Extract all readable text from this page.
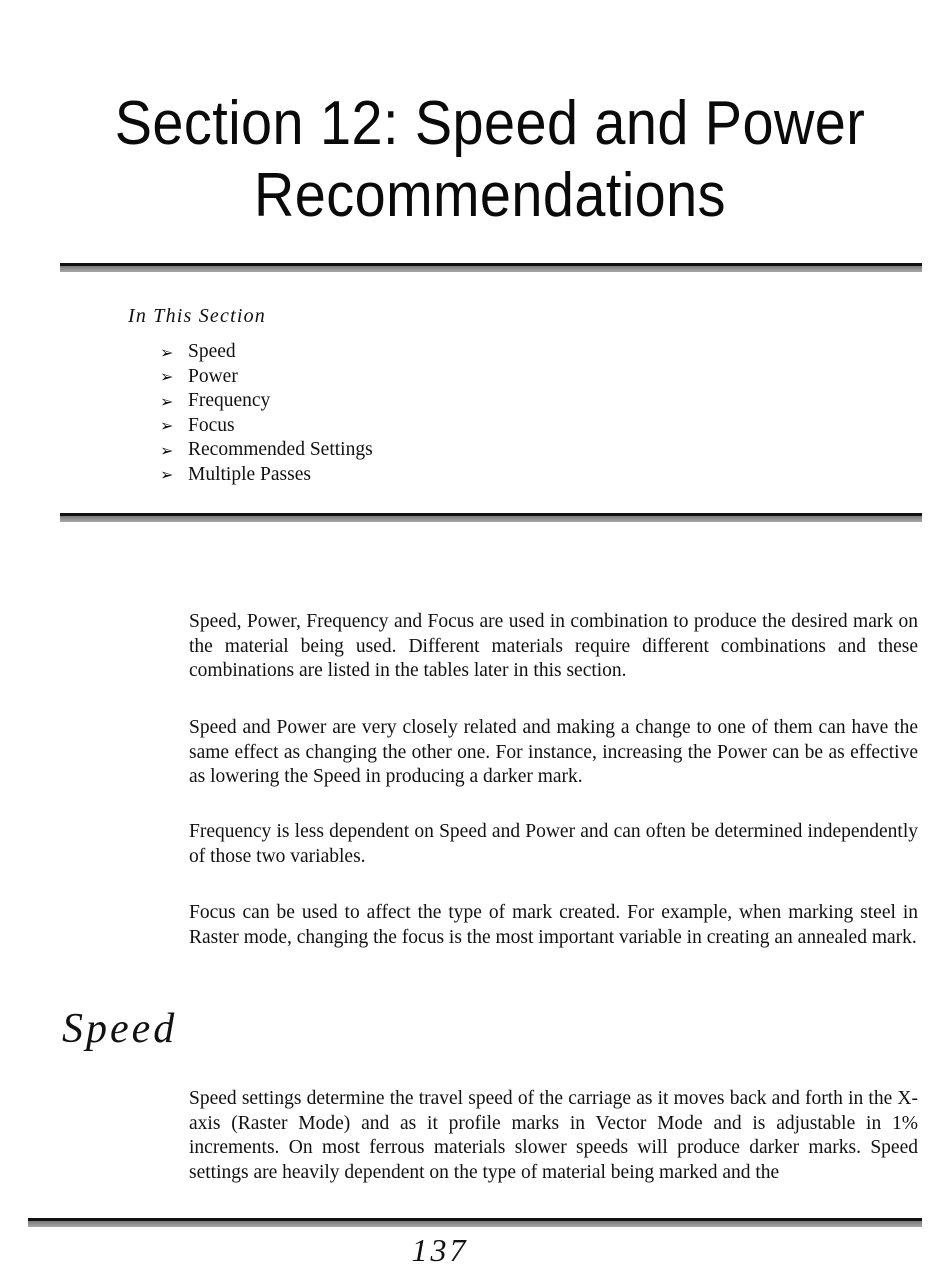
Section 12: Speed and Power
Recommendations
In This Section
➢ Speed
➢ Power
➢ Frequency
➢ Focus
➢ Recommended Settings
➢ Multiple Passes

Speed, Power, Frequency and Focus are used in combination to produce the desired mark on the material being used. Different materials require different combinations and these combinations are listed in the tables later in this section.

Speed and Power are very closely related and making a change to one of them can have the same effect as changing the other one. For instance, increasing the Power can be as effective as lowering the Speed in producing a darker mark.

Frequency is less dependent on Speed and Power and can often be determined independently of those two variables.

Focus can be used to affect the type of mark created. For example, when marking steel in Raster mode, changing the focus is the most important variable in creating an annealed mark.

Speed

Speed settings determine the travel speed of the carriage as it moves back and forth in the X-axis (Raster Mode) and as it profile marks in Vector Mode and is adjustable in 1% increments. On most ferrous materials slower speeds will produce darker marks. Speed settings are heavily dependent on the type of material being marked and the

137
